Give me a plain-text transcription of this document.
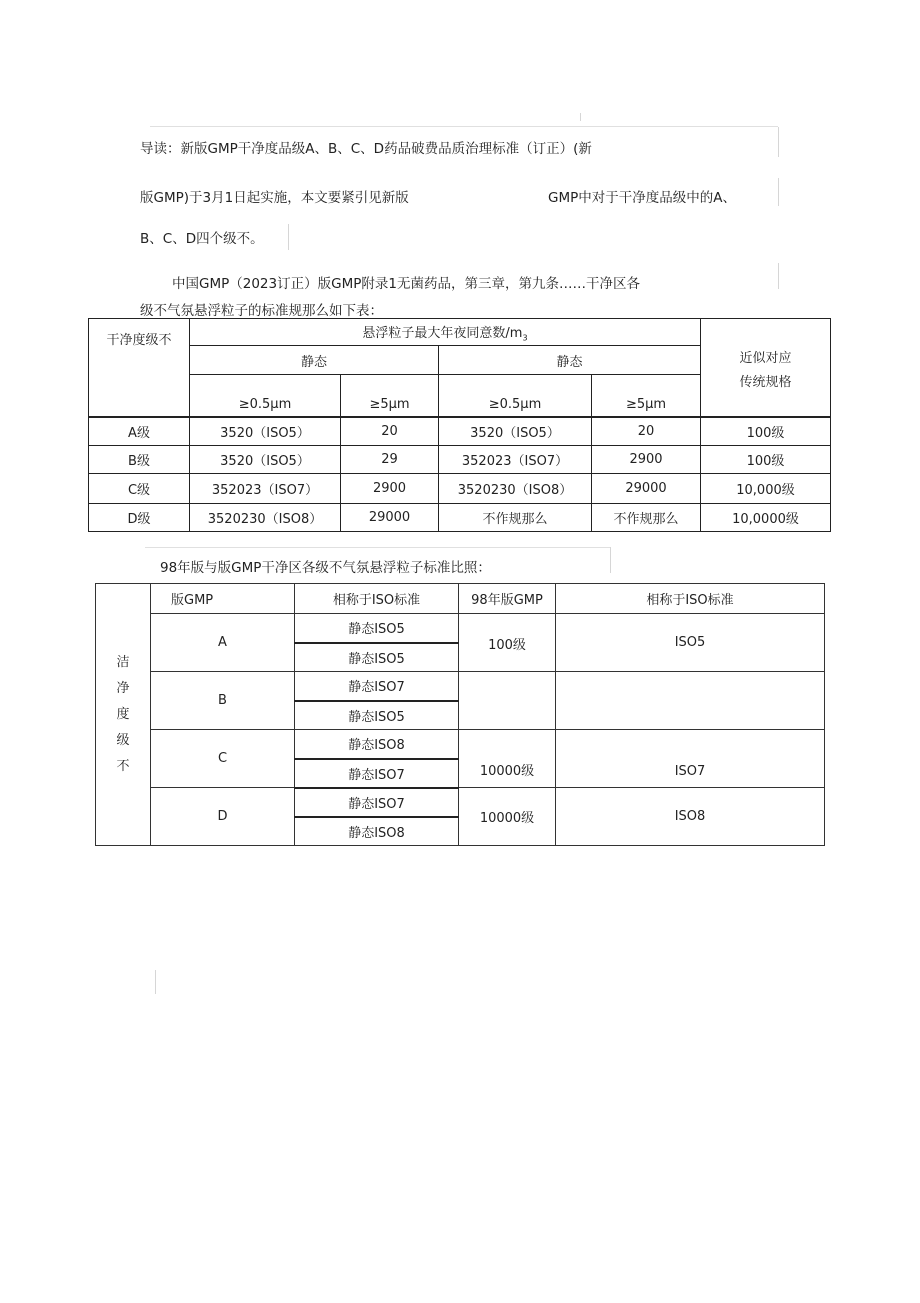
导读：新版GMP干净度品级A、B、C、D药品破费品质治理标准（订正）(新
版GMP)于3月1日起实施，本文要紧引见新版	GMP中对于干净度品级中的A、
B、C、D四个级不。
中国GMP（2023订正）版GMP附录1无菌药品，第三章，第九条……干净区各
级不气氛悬浮粒子的标准规那么如下表：
干净度级不	悬浮粒子最大年夜同意数$/m_3$				近似对应
传统规格

	静态		静态		
	≥0.5μm	≥5μm	≥0.5μm	≥5μm	
A级	3520（ISO5）	20	3520（ISO5）	20	100级
B级	3520（ISO5）	29	352023（ISO7）	2900	100级
C级	352023（ISO7）	2900	3520230（ISO8）	29000	10,000级
D级	3520230（ISO8）	29000	不作规那么	不作规那么	10,0000级
98年版与版GMP干净区各级不气氛悬浮粒子标准比照：
洁
净
度
级
不	版GMP	相称于ISO标准	98年版GMP	相称于ISO标准
	A	静态ISO5	100级	ISO5
		静态ISO5		
	B	静态ISO7		
		静态ISO5		
	C	静态ISO8	10000级	ISO7
		静态ISO7		
	D	静态ISO7	10000级	ISO8
		静态ISO8		
